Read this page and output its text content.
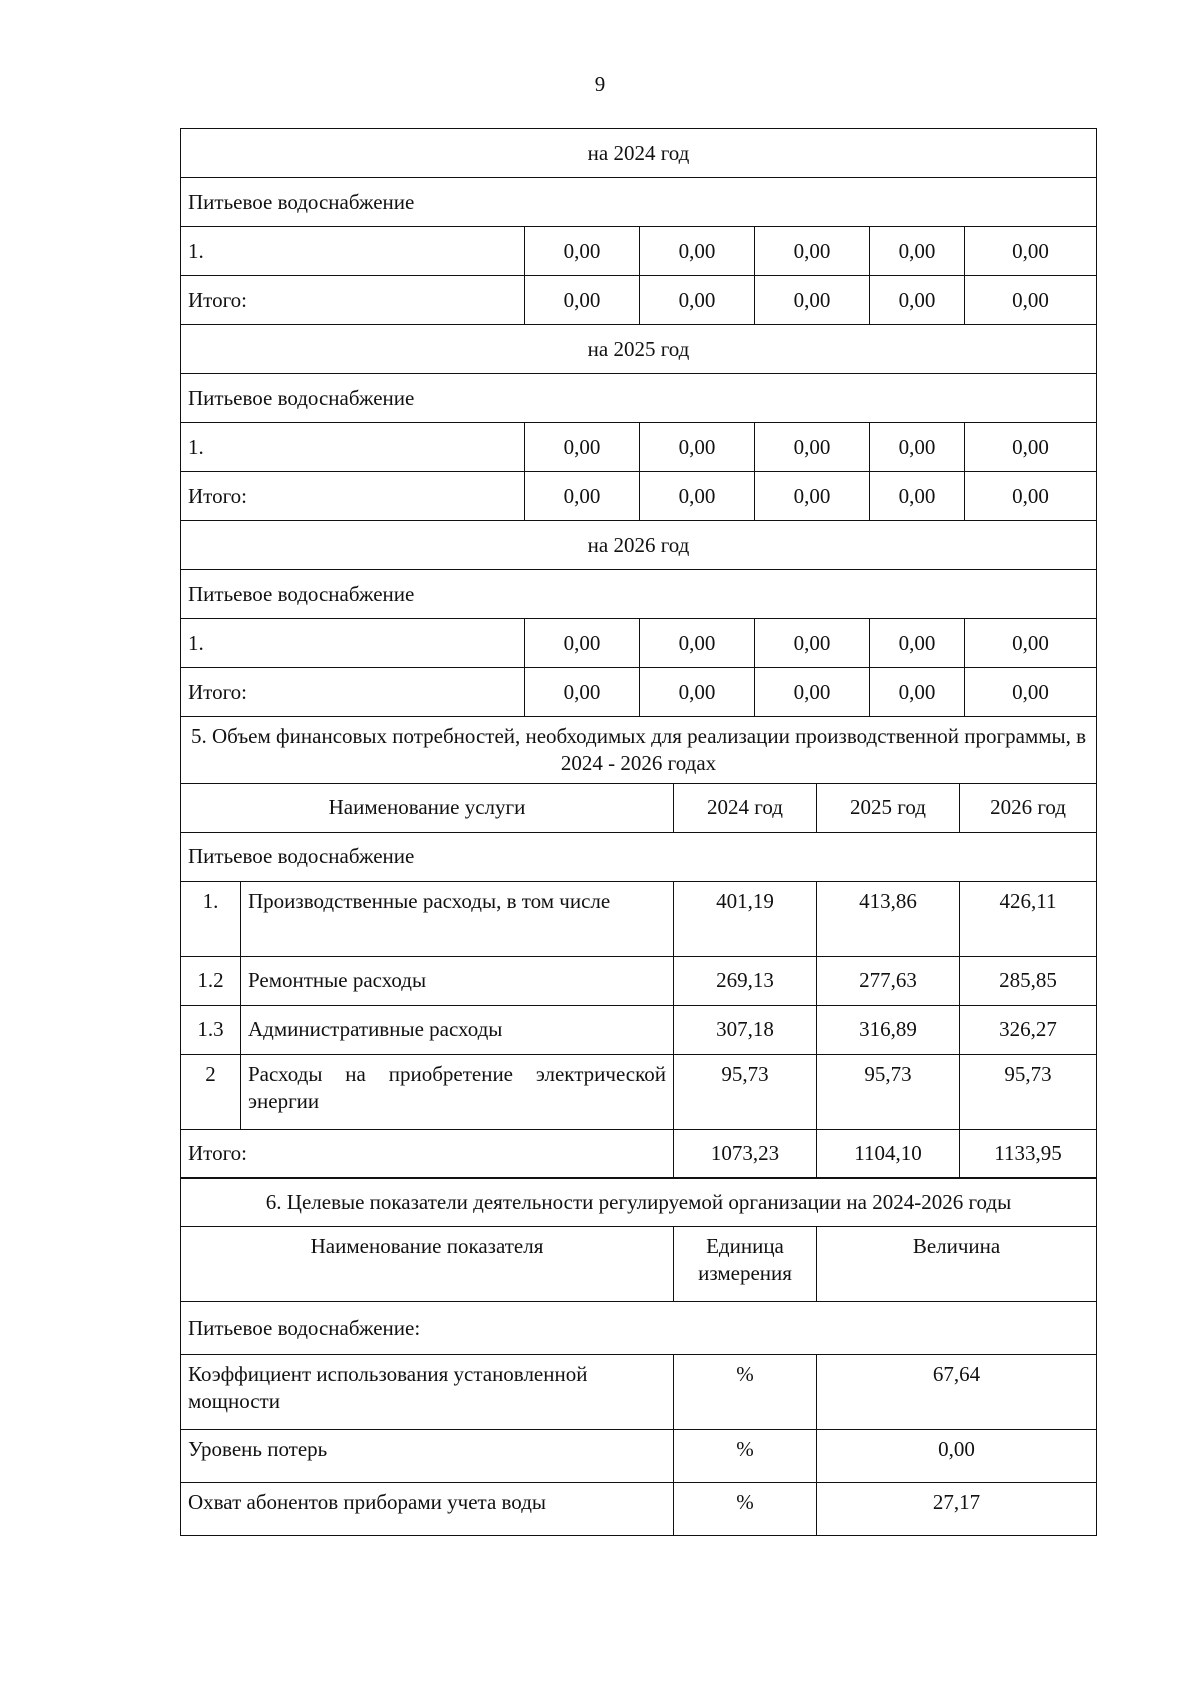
9
на 2024 год					
Питьевое водоснабжение					
1.	0,00	0,00	0,00	0,00	0,00
Итого:	0,00	0,00	0,00	0,00	0,00
на 2025 год					
Питьевое водоснабжение					
1.	0,00	0,00	0,00	0,00	0,00
Итого:	0,00	0,00	0,00	0,00	0,00
на 2026 год					
Питьевое водоснабжение					
1.	0,00	0,00	0,00	0,00	0,00
Итого:	0,00	0,00	0,00	0,00	0,00
5. Объем финансовых потребностей, необходимых для реализации производственной программы, в 2024 - 2026 годах				
Наименование услуги		2024 год	2025 год	2026 год
Питьевое водоснабжение				
1.	Производственные расходы, в том числе	401,19	413,86	426,11
1.2	Ремонтные расходы	269,13	277,63	285,85
1.3	Административные расходы	307,18	316,89	326,27
2	Расходы на приобретение электрической энергии	95,73	95,73	95,73
Итого:		1073,23	1104,10	1133,95
6. Целевые показатели деятельности регулируемой организации на 2024-2026 годы		
Наименование показателя	Единица измерения	Величина
Питьевое водоснабжение:		
Коэффициент использования установленной мощности	%	67,64
Уровень потерь	%	0,00
Охват абонентов приборами учета воды	%	27,17
